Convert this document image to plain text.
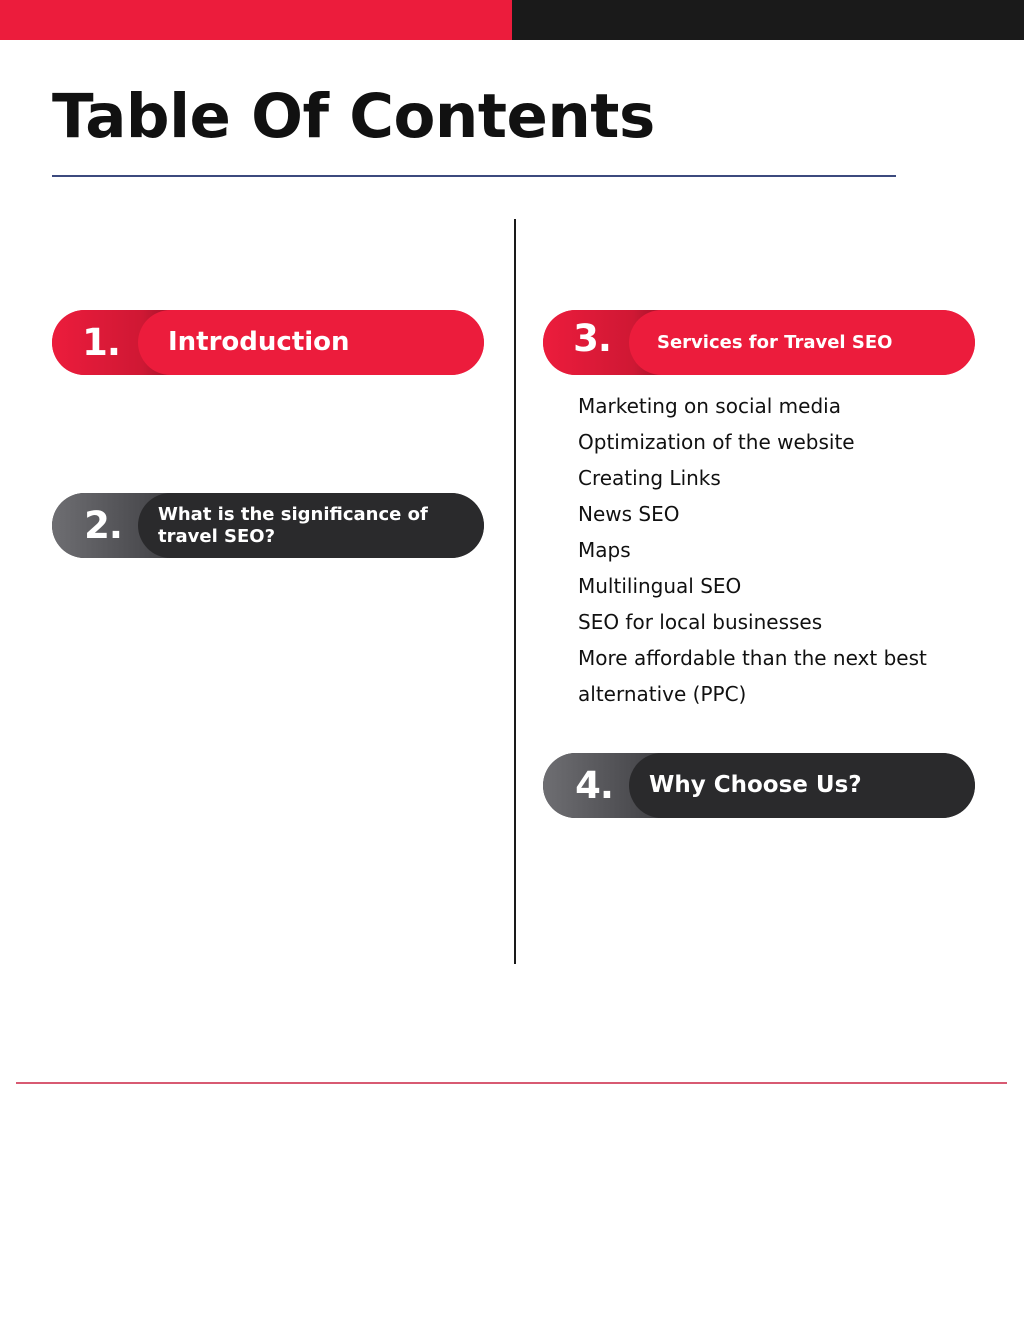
Table Of Contents
Introduction
1.
What is the significance of travel SEO?
2.
Services for Travel SEO
3.
Marketing on social media
Optimization of the website
Creating Links
News SEO
Maps
Multilingual SEO
SEO for local businesses
More affordable than the next best alternative (PPC)
Why Choose Us?
4.
